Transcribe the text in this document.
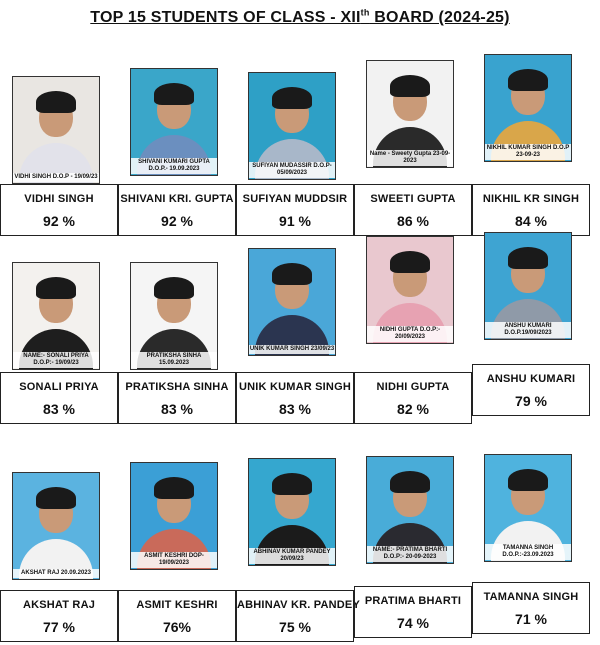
TOP 15 STUDENTS OF CLASS - XIIth BOARD (2024-25)
VIDHI SINGH D.O.P - 19/09/23
VIDHI SINGH
92 %
SHIVANI KUMARI GUPTA D.O.P.- 19.09.2023
SHIVANI KRI. GUPTA
92 %
SUFIYAN MUDASSIR D.O.P-05/09/2023
SUFIYAN MUDDSIR
91 %
Name - Sweety Gupta 23-09-2023
SWEETI GUPTA
86 %
NIKHIL KUMAR SINGH D.O.P 23-09-23
NIKHIL KR SINGH
84 %
NAME:- SONALI PRIYA D.O.P:- 19/09/23
SONALI PRIYA
83 %
PRATIKSHA SINHA 15.09.2023
PRATIKSHA SINHA
83 %
UNIK KUMAR SINGH 23/09/23
UNIK KUMAR SINGH
83 %
NIDHI GUPTA D.O.P:- 20/09/2023
NIDHI GUPTA
82 %
ANSHU KUMARI D.O.P.19/09/2023
ANSHU KUMARI
79 %
AKSHAT RAJ 20.09.2023
AKSHAT RAJ
77 %
ASMIT KESHRI DOP-19/09/2023
ASMIT KESHRI
76%
ABHINAV KUMAR PANDEY 20/09/23
ABHINAV KR. PANDEY
75 %
NAME:- PRATIMA BHARTI D.O.P:- 20-09-2023
PRATIMA BHARTI
74 %
TAMANNA SINGH D.O.P.:-23.09.2023
TAMANNA SINGH
71 %
